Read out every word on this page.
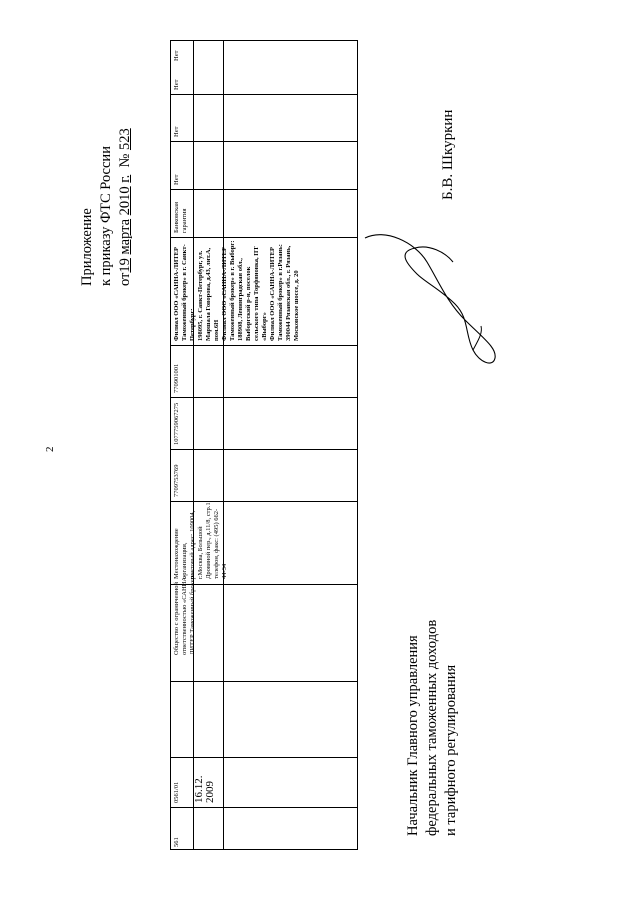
Приложение к приказу ФТС России от19 марта 2010 г.  № 523
2
561
0561/01 16.12. 2009
Общество с ограниченной ответственностью «САННА-ЛИТЕР Таможенный брокер»
Местонахождение организации, почтовый адрес: 109004, г.Москва, Большой Дровяной пер., д.11/8, стр.1 телефон, факс: (495) 662-44-34
7709753769
1077759067275
770901001
Филиал ООО «САННА-ЛИТЕР Таможенный брокер» в г. Санкт-Петербург: 198095, г. Санкт-Петербург, ул. Маршала Говорова, д.43, лит.А, пом.6Н Филиал ООО «САННА-ЛИТЕР Таможенный брокер» в г. Выборг: 188908, Ленинградская обл., Выборгский р-н, поселок сельского типа Торфяновка, ПТ «Выборг» Филиал ООО «САННА-ЛИТЕР Таможенный брокер» в г.Рязань: 390044 Рязанская обл., г. Рязань, Московское шоссе, д. 20
Банковская гарантия
Нет
Нет
Нет
Нет
Начальник Главного управления федеральных таможенных доходов и тарифного регулирования
Б.В. Шкуркин
